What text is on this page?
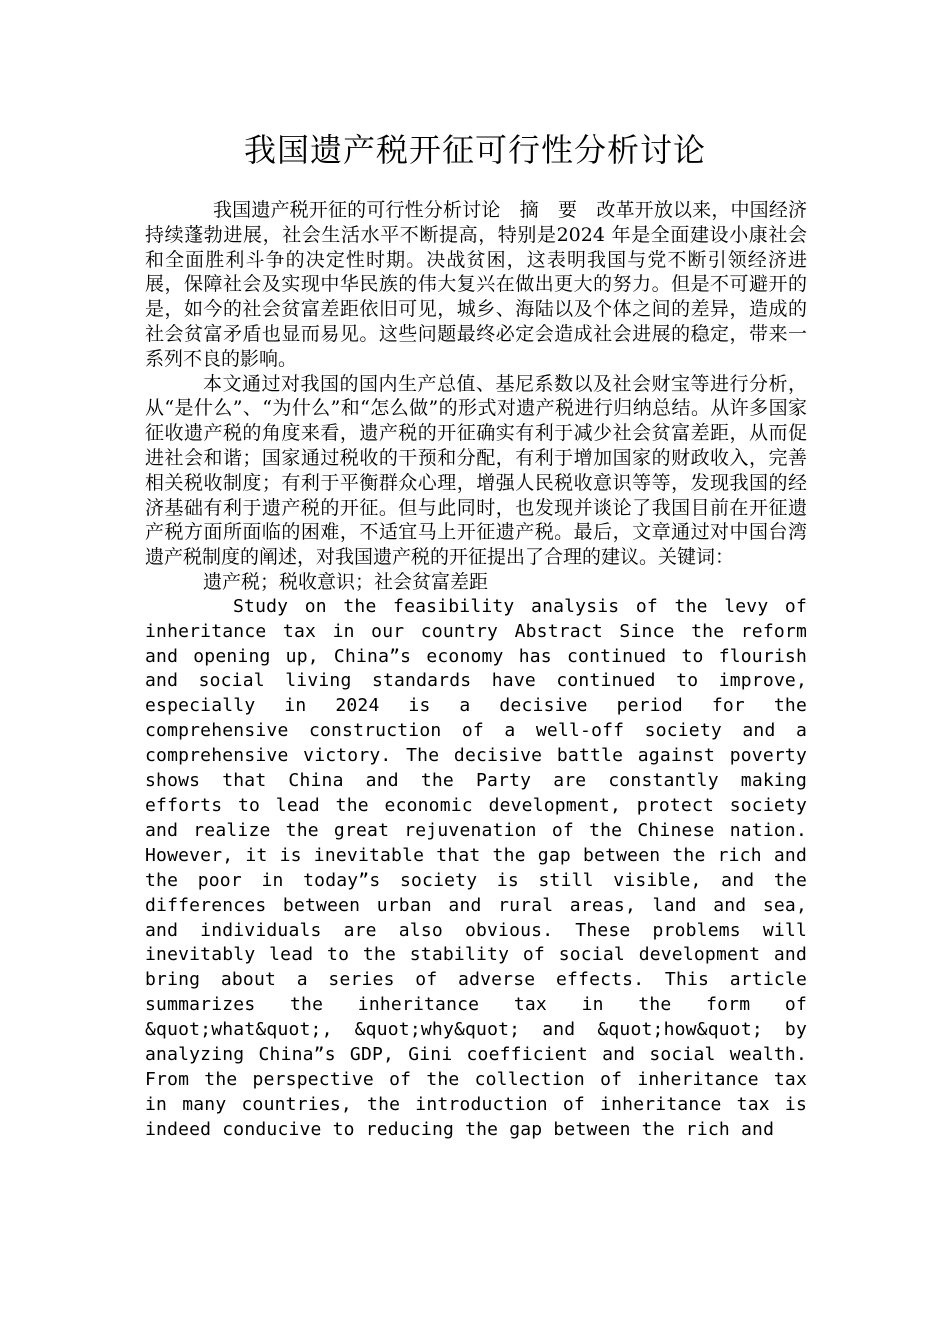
我国遗产税开征可行性分析讨论

我国遗产税开征的可行性分析讨论　摘　要　改革开放以来，中国经济持续蓬勃进展，社会生活水平不断提高，特别是2024 年是全面建设小康社会和全面胜利斗争的决定性时期。决战贫困，这表明我国与党不断引领经济进展，保障社会及实现中华民族的伟大复兴在做出更大的努力。但是不可避开的是，如今的社会贫富差距依旧可见，城乡、海陆以及个体之间的差异，造成的社会贫富矛盾也显而易见。这些问题最终必定会造成社会进展的稳定，带来一系列不良的影响。

本文通过对我国的国内生产总值、基尼系数以及社会财宝等进行分析，从“是什么”、“为什么”和“怎么做”的形式对遗产税进行归纳总结。从许多国家征收遗产税的角度来看，遗产税的开征确实有利于减少社会贫富差距，从而促进社会和谐；国家通过税收的干预和分配，有利于增加国家的财政收入，完善相关税收制度；有利于平衡群众心理，增强人民税收意识等等，发现我国的经济基础有利于遗产税的开征。但与此同时，也发现并谈论了我国目前在开征遗产税方面所面临的困难，不适宜马上开征遗产税。最后，文章通过对中国台湾遗产税制度的阐述，对我国遗产税的开征提出了合理的建议。关键词：

遗产税；税收意识；社会贫富差距

Study on the feasibility analysis of the levy of inheritance tax in our country Abstract Since the reform and opening up, China”s economy has continued to flourish and social living standards have continued to improve, especially in 2024 is a decisive period for the comprehensive construction of a well-off society and a comprehensive victory. The decisive battle against poverty shows that China and the Party are constantly making efforts to lead the economic development, protect society and realize the great rejuvenation of the Chinese nation. However, it is inevitable that the gap between the rich and the poor in today”s society is still visible, and the differences between urban and rural areas, land and sea, and individuals are also obvious. These problems will inevitably lead to the stability of social development and bring about a series of adverse effects. This article summarizes the inheritance tax in the form of &quot;what&quot;, &quot;why&quot; and &quot;how&quot; by analyzing China”s GDP, Gini coefficient and social wealth. From the perspective of the collection of inheritance tax in many countries, the introduction of inheritance tax is indeed conducive to reducing the gap between the rich and
